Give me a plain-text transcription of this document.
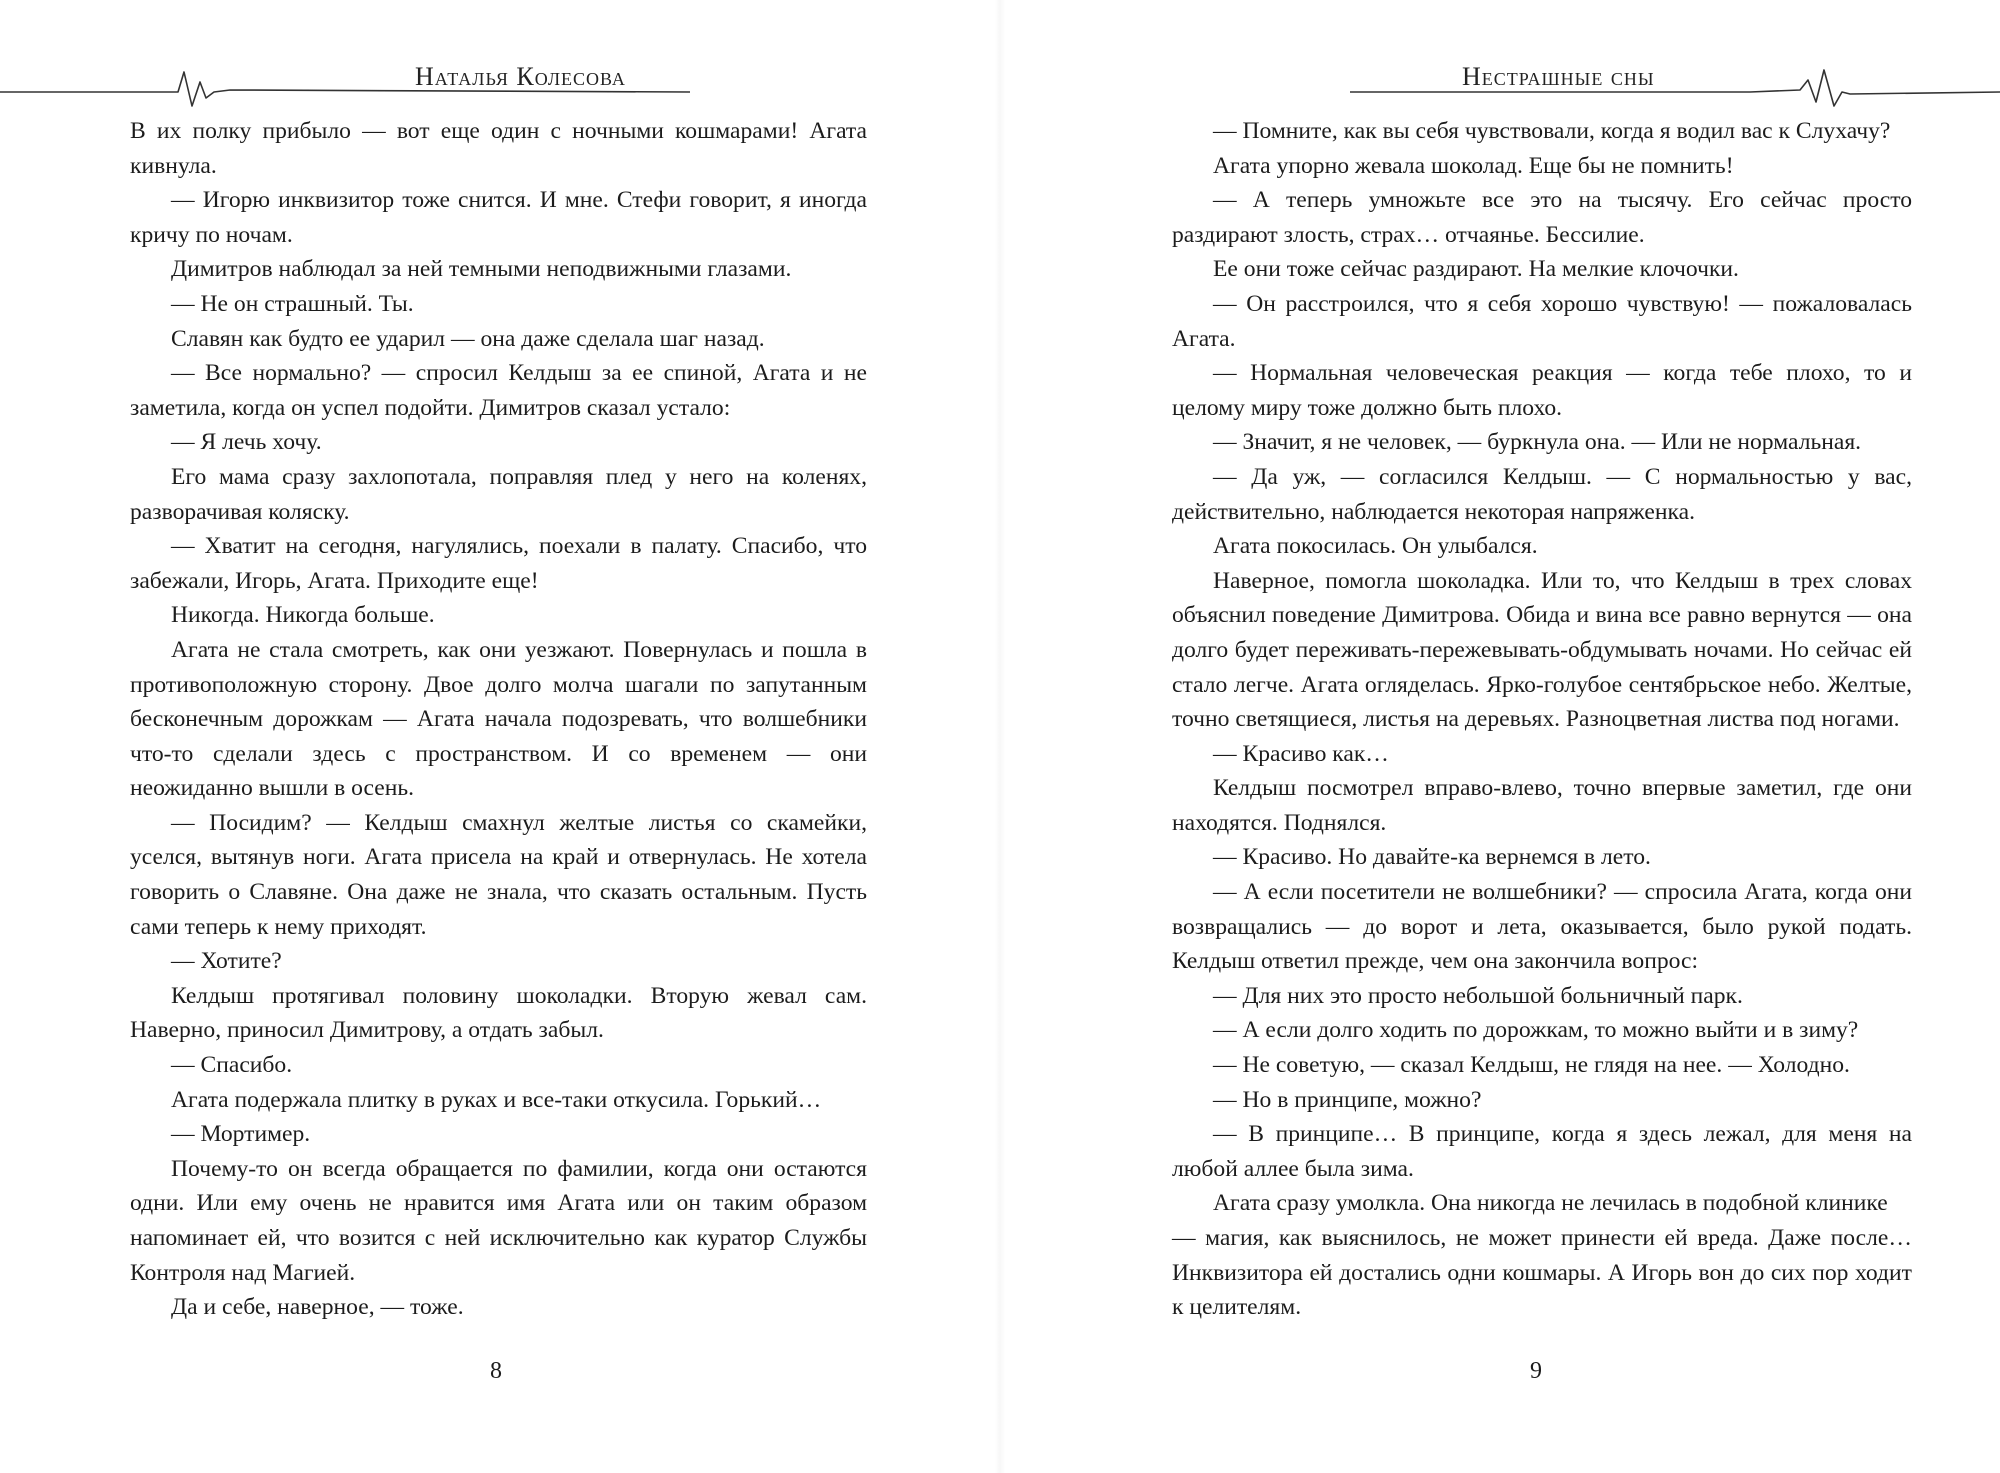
Наталья Колесова

В их полку прибыло — вот еще один с ночными кошмарами! Агата кивнула.

— Игорю инквизитор тоже снится. И мне. Стефи говорит, я иногда кричу по ночам.

Димитров наблюдал за ней темными неподвижными глазами.

— Не он страшный. Ты.

Славян как будто ее ударил — она даже сделала шаг назад.

— Все нормально? — спросил Келдыш за ее спиной, Агата и не заметила, когда он успел подойти. Димитров сказал устало:

— Я лечь хочу.

Его мама сразу захлопотала, поправляя плед у него на коленях, разворачивая коляску.

— Хватит на сегодня, нагулялись, поехали в палату. Спасибо, что забежали, Игорь, Агата. Приходите еще!

Никогда. Никогда больше.

Агата не стала смотреть, как они уезжают. Повернулась и пошла в противоположную сторону. Двое долго молча шагали по запутанным бесконечным дорожкам — Агата начала подозревать, что волшебники что-то сделали здесь с пространством. И со временем — они неожиданно вышли в осень.

— Посидим? — Келдыш смахнул желтые листья со скамейки, уселся, вытянув ноги. Агата присела на край и отвернулась. Не хотела говорить о Славяне. Она даже не знала, что сказать остальным. Пусть сами теперь к нему приходят.

— Хотите?

Келдыш протягивал половину шоколадки. Вторую жевал сам. Наверно, приносил Димитрову, а отдать забыл.

— Спасибо.

Агата подержала плитку в руках и все-таки откусила. Горький…

— Мортимер.

Почему-то он всегда обращается по фамилии, когда они остаются одни. Или ему очень не нравится имя Агата или он таким образом напоминает ей, что возится с ней исключительно как куратор Службы Контроля над Магией.

Да и себе, наверное, — тоже.

8
Нестрашные сны

— Помните, как вы себя чувствовали, когда я водил вас к Слухачу?

Агата упорно жевала шоколад. Еще бы не помнить!

— А теперь умножьте все это на тысячу. Его сейчас просто раздирают злость, страх… отчаянье. Бессилие.

Ее они тоже сейчас раздирают. На мелкие клочочки.

— Он расстроился, что я себя хорошо чувствую! — пожаловалась Агата.

— Нормальная человеческая реакция — когда тебе плохо, то и целому миру тоже должно быть плохо.

— Значит, я не человек, — буркнула она. — Или не нормальная.

— Да уж, — согласился Келдыш. — С нормальностью у вас, действительно, наблюдается некоторая напряженка.

Агата покосилась. Он улыбался.

Наверное, помогла шоколадка. Или то, что Келдыш в трех словах объяснил поведение Димитрова. Обида и вина все равно вернутся — она долго будет переживать-пережевывать-обдумывать ночами. Но сейчас ей стало легче. Агата огляделась. Ярко-голубое сентябрьское небо. Желтые, точно светящиеся, листья на деревьях. Разноцветная листва под ногами.

— Красиво как…

Келдыш посмотрел вправо-влево, точно впервые заметил, где они находятся. Поднялся.

— Красиво. Но давайте-ка вернемся в лето.

— А если посетители не волшебники? — спросила Агата, когда они возвращались — до ворот и лета, оказывается, было рукой подать. Келдыш ответил прежде, чем она закончила вопрос:

— Для них это просто небольшой больничный парк.

— А если долго ходить по дорожкам, то можно выйти и в зиму?

— Не советую, — сказал Келдыш, не глядя на нее. — Холодно.

— Но в принципе, можно?

— В принципе… В принципе, когда я здесь лежал, для меня на любой аллее была зима.

Агата сразу умолкла. Она никогда не лечилась в подобной клинике

— магия, как выяснилось, не может принести ей вреда. Даже после… Инквизитора ей достались одни кошмары. А Игорь вон до сих пор ходит к целителям.

9
